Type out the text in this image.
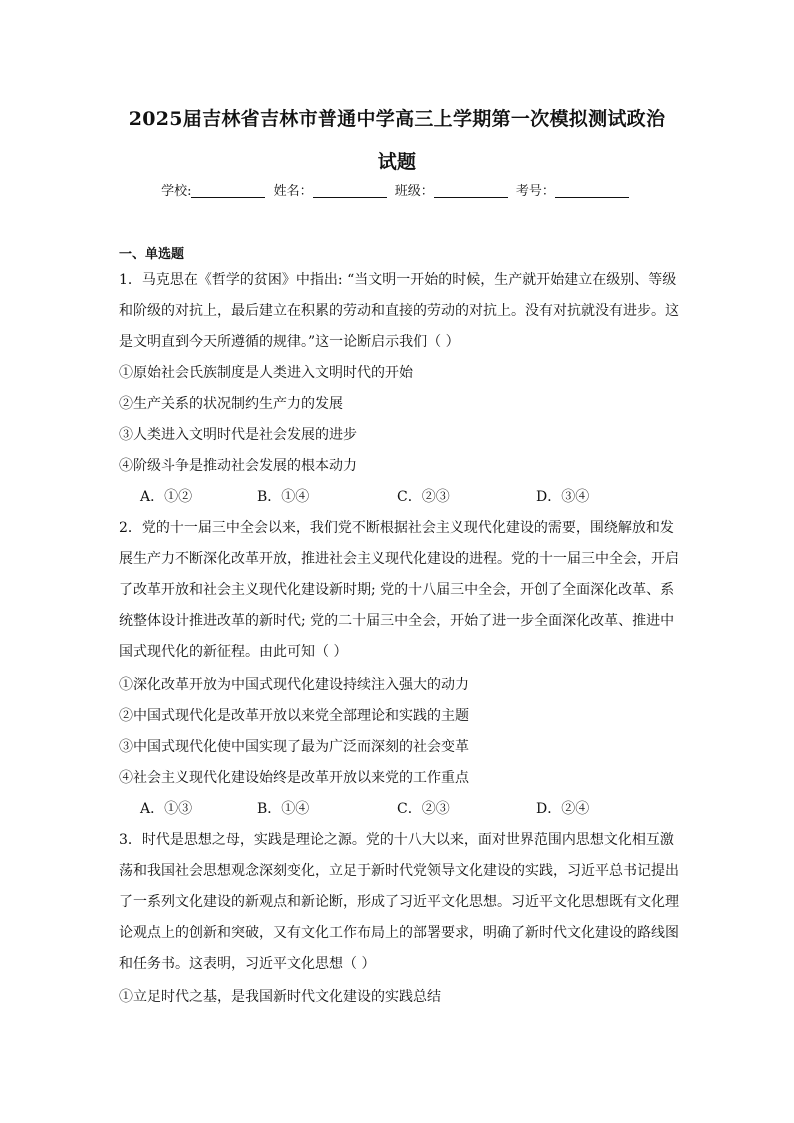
2025届吉林省吉林市普通中学高三上学期第一次模拟测试政治
试题
学校:	姓名：	班级：	考号：
一、单选题
1．马克思在《哲学的贫困》中指出: “当文明一开始的时候，生产就开始建立在级别、等级
和阶级的对抗上，最后建立在积累的劳动和直接的劳动的对抗上。没有对抗就没有进步。这
是文明直到今天所遵循的规律。”这一论断启示我们（ ）
①原始社会氏族制度是人类进入文明时代的开始
②生产关系的状况制约生产力的发展
③人类进入文明时代是社会发展的进步
④阶级斗争是推动社会发展的根本动力
A．①②	B．①④	C．②③	D．③④
2．党的十一届三中全会以来，我们党不断根据社会主义现代化建设的需要，围绕解放和发
展生产力不断深化改革开放，推进社会主义现代化建设的进程。党的十一届三中全会，开启
了改革开放和社会主义现代化建设新时期; 党的十八届三中全会，开创了全面深化改革、系
统整体设计推进改革的新时代; 党的二十届三中全会，开始了进一步全面深化改革、推进中
国式现代化的新征程。由此可知（ ）
①深化改革开放为中国式现代化建设持续注入强大的动力
②中国式现代化是改革开放以来党全部理论和实践的主题
③中国式现代化使中国实现了最为广泛而深刻的社会变革
④社会主义现代化建设始终是改革开放以来党的工作重点
A．①③	B．①④	C．②③	D．②④
3．时代是思想之母，实践是理论之源。党的十八大以来，面对世界范围内思想文化相互激
荡和我国社会思想观念深刻变化，立足于新时代党领导文化建设的实践，习近平总书记提出
了一系列文化建设的新观点和新论断，形成了习近平文化思想。习近平文化思想既有文化理
论观点上的创新和突破，又有文化工作布局上的部署要求，明确了新时代文化建设的路线图
和任务书。这表明，习近平文化思想（ ）
①立足时代之基，是我国新时代文化建设的实践总结
